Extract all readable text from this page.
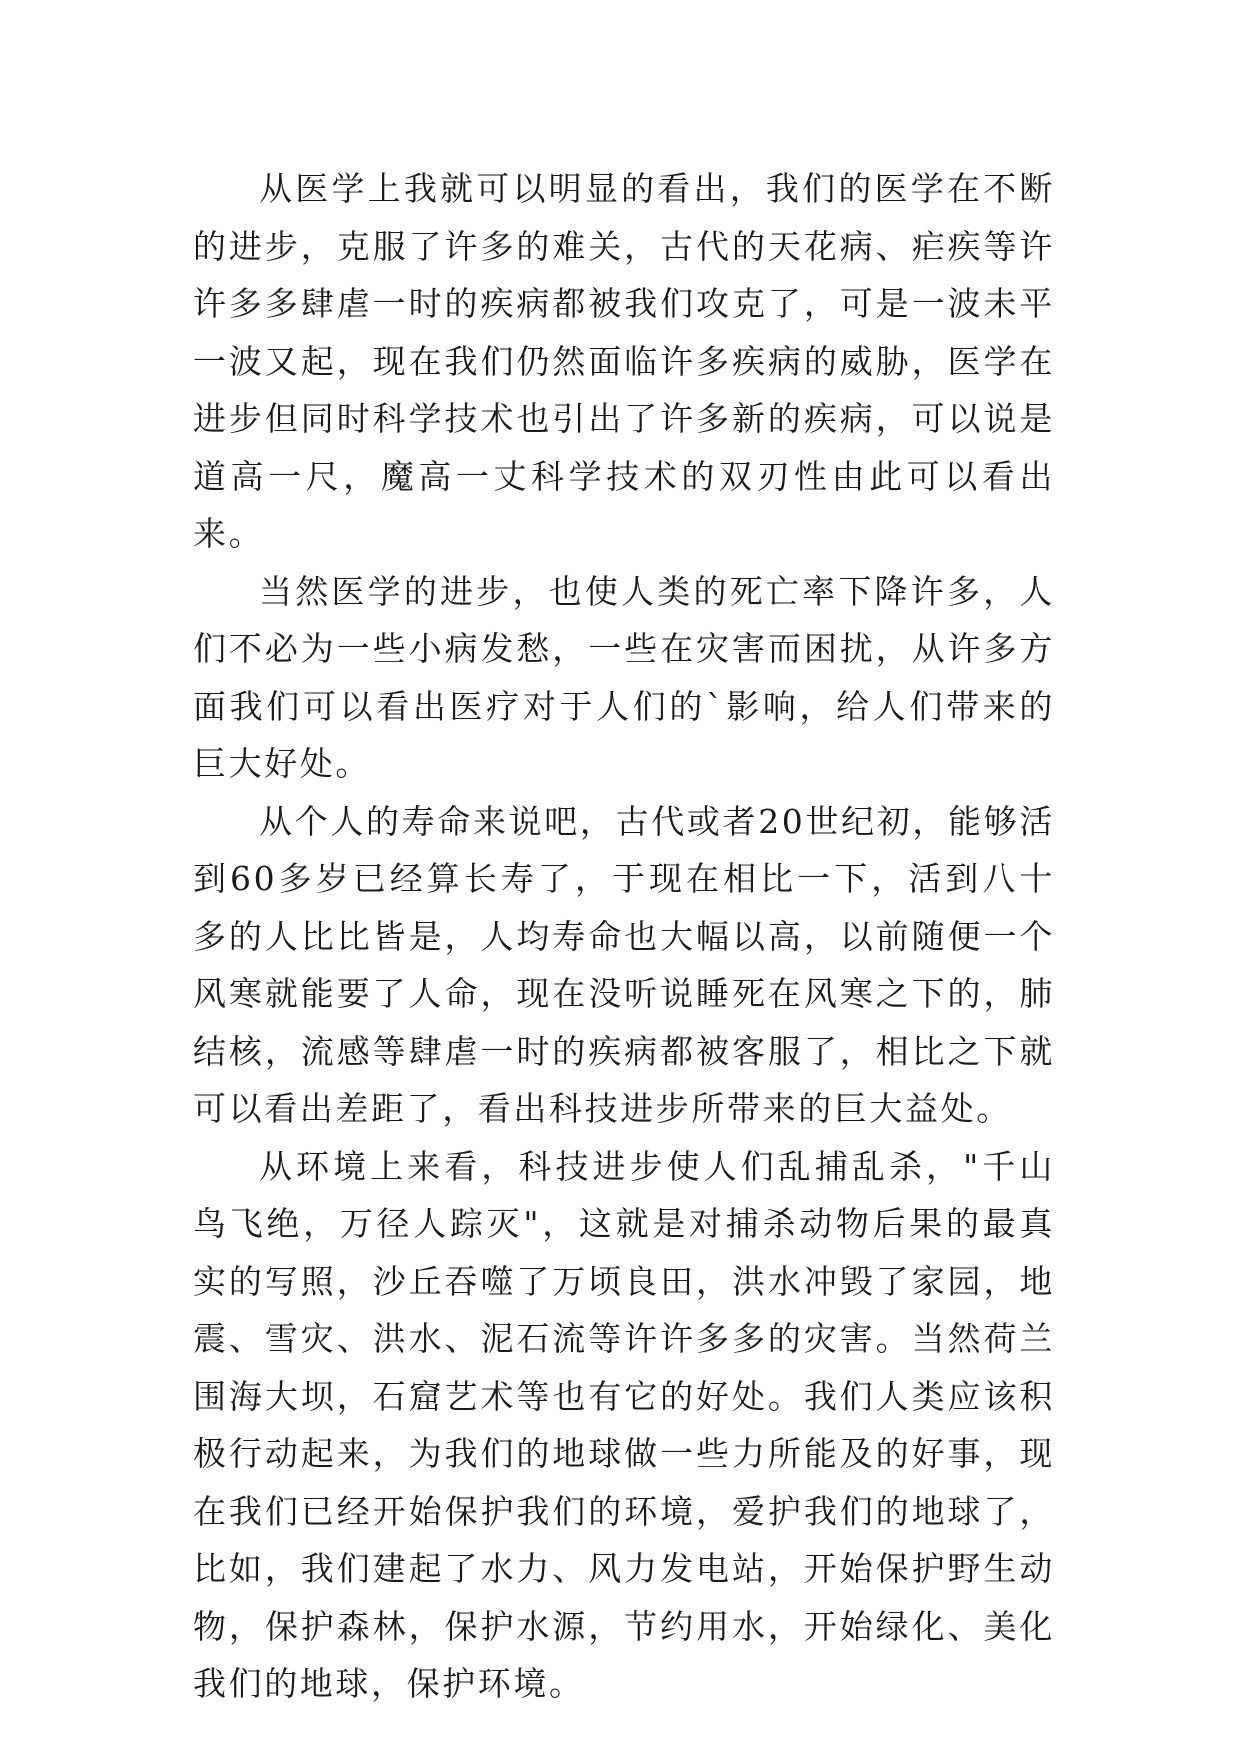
从医学上我就可以明显的看出，我们的医学在不断的进步，克服了许多的难关，古代的天花病、疟疾等许许多多肆虐一时的疾病都被我们攻克了，可是一波未平一波又起，现在我们仍然面临许多疾病的威胁，医学在进步但同时科学技术也引出了许多新的疾病，可以说是道高一尺，魔高一丈科学技术的双刃性由此可以看出来。

当然医学的进步，也使人类的死亡率下降许多，人们不必为一些小病发愁，一些在灾害而困扰，从许多方面我们可以看出医疗对于人们的`影响，给人们带来的巨大好处。

从个人的寿命来说吧，古代或者20世纪初，能够活到60多岁已经算长寿了，于现在相比一下，活到八十多的人比比皆是，人均寿命也大幅以高，以前随便一个风寒就能要了人命，现在没听说睡死在风寒之下的，肺结核，流感等肆虐一时的疾病都被客服了，相比之下就可以看出差距了，看出科技进步所带来的巨大益处。

从环境上来看，科技进步使人们乱捕乱杀，"千山鸟飞绝，万径人踪灭"，这就是对捕杀动物后果的最真实的写照，沙丘吞噬了万顷良田，洪水冲毁了家园，地震、雪灾、洪水、泥石流等许许多多的灾害。当然荷兰围海大坝，石窟艺术等也有它的好处。我们人类应该积极行动起来，为我们的地球做一些力所能及的好事，现在我们已经开始保护我们的环境，爱护我们的地球了，比如，我们建起了水力、风力发电站，开始保护野生动物，保护森林，保护水源，节约用水，开始绿化、美化我们的地球，保护环境。
